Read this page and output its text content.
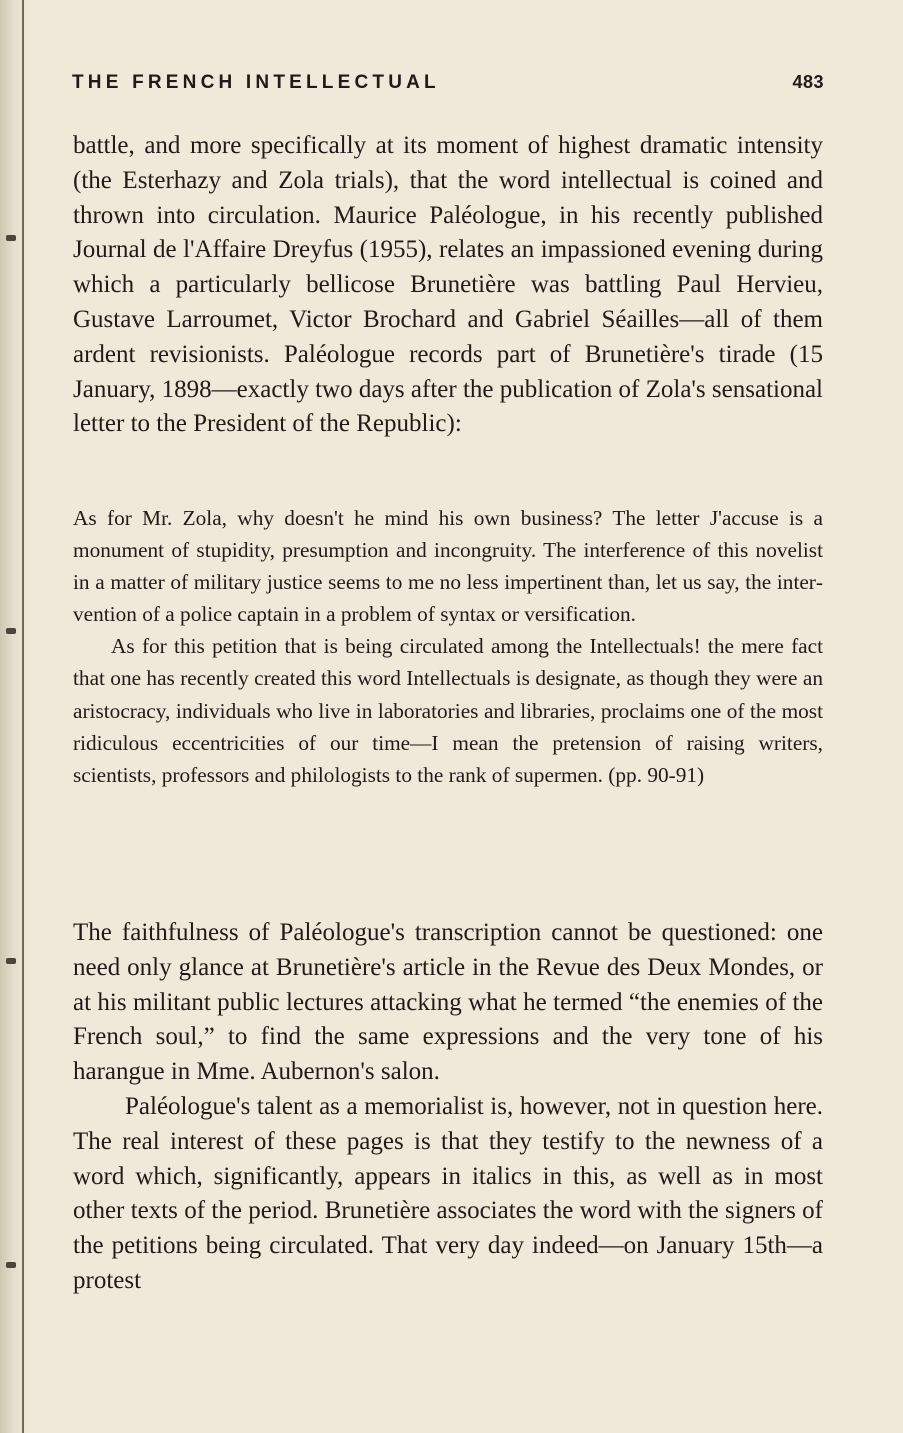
THE FRENCH INTELLECTUAL	483

battle, and more specifically at its moment of highest dramatic intensity (the Esterhazy and Zola trials), that the word intellectual is coined and thrown into circulation. Maurice Paléologue, in his recently published Journal de l'Affaire Dreyfus (1955), relates an impassioned evening during which a particularly bellicose Brunetière was battling Paul Hervieu, Gustave Larroumet, Victor Brochard and Gabriel Séailles—all of them ardent revisionists. Paléologue records part of Brunetière's tirade (15 January, 1898—exactly two days after the publication of Zola's sensational letter to the President of the Republic):

As for Mr. Zola, why doesn't he mind his own business? The letter J'accuse is a monument of stupidity, presumption and incongruity. The interference of this novelist in a matter of military justice seems to me no less impertinent than, let us say, the intervention of a police captain in a problem of syntax or versification.

As for this petition that is being circulated among the Intellectuals! the mere fact that one has recently created this word Intellectuals is designate, as though they were an aristocracy, individuals who live in laboratories and libraries, proclaims one of the most ridiculous eccentricities of our time—I mean the pretension of raising writers, scientists, professors and philologists to the rank of supermen. (pp. 90-91)

The faithfulness of Paléologue's transcription cannot be questioned: one need only glance at Brunetière's article in the Revue des Deux Mondes, or at his militant public lectures attacking what he termed “the enemies of the French soul,” to find the same expressions and the very tone of his harangue in Mme. Aubernon's salon.

Paléologue's talent as a memorialist is, however, not in question here. The real interest of these pages is that they testify to the newness of a word which, significantly, appears in italics in this, as well as in most other texts of the period. Brunetière associates the word with the signers of the petitions being circulated. That very day indeed—on January 15th—a protest
